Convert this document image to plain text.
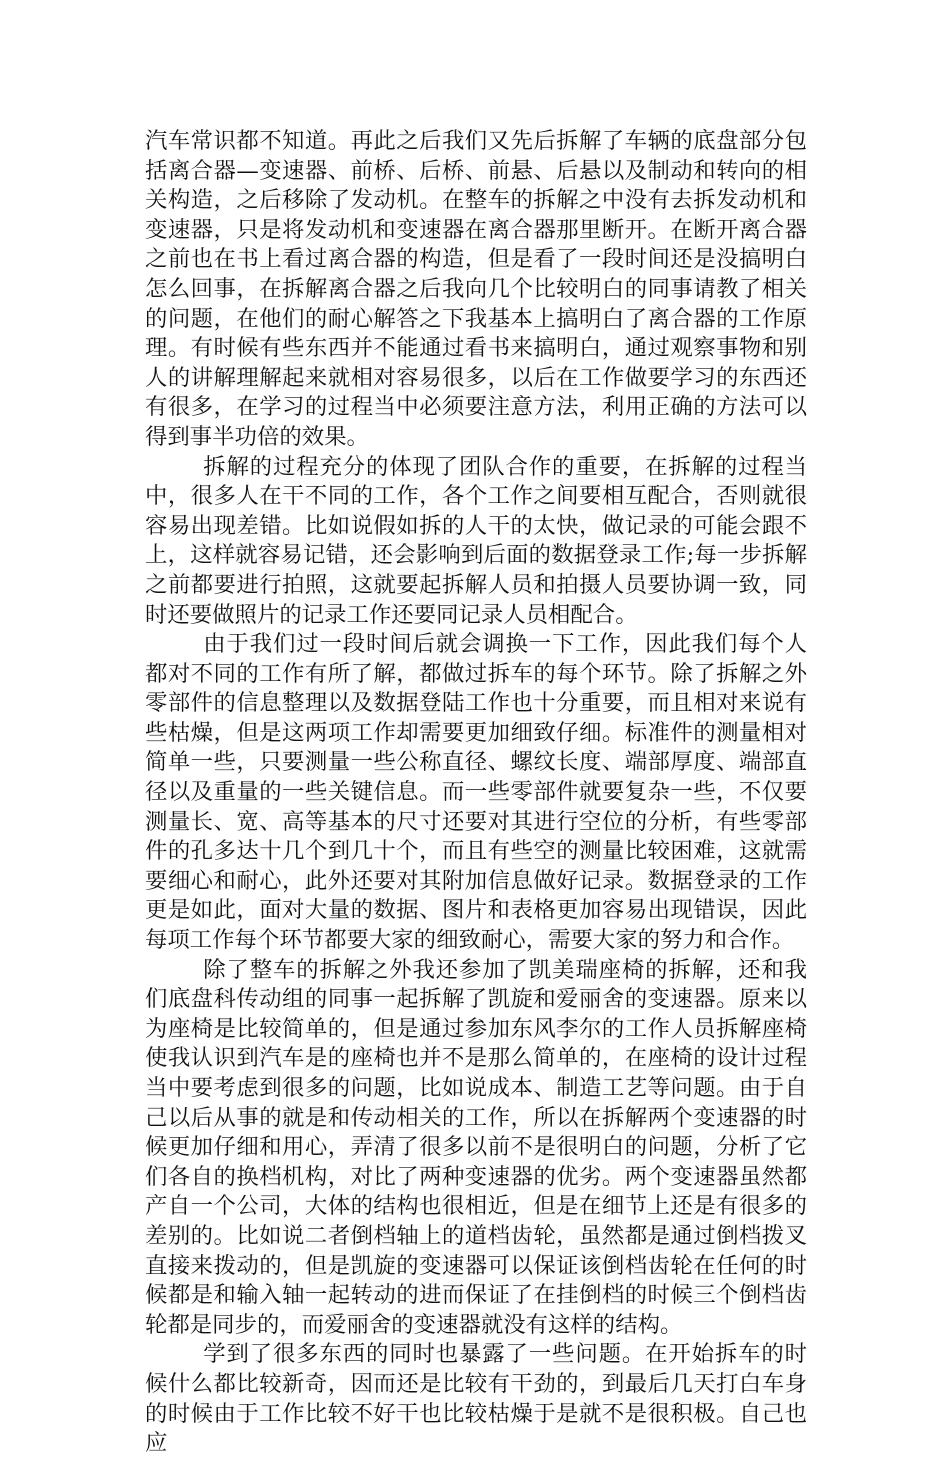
汽车常识都不知道。再此之后我们又先后拆解了车辆的底盘部分包括离合器—变速器、前桥、后桥、前悬、后悬以及制动和转向的相关构造，之后移除了发动机。在整车的拆解之中没有去拆发动机和变速器，只是将发动机和变速器在离合器那里断开。在断开离合器之前也在书上看过离合器的构造，但是看了一段时间还是没搞明白怎么回事，在拆解离合器之后我向几个比较明白的同事请教了相关的问题，在他们的耐心解答之下我基本上搞明白了离合器的工作原理。有时候有些东西并不能通过看书来搞明白，通过观察事物和别人的讲解理解起来就相对容易很多，以后在工作做要学习的东西还有很多，在学习的过程当中必须要注意方法，利用正确的方法可以得到事半功倍的效果。

拆解的过程充分的体现了团队合作的重要，在拆解的过程当中，很多人在干不同的工作，各个工作之间要相互配合，否则就很容易出现差错。比如说假如拆的人干的太快，做记录的可能会跟不上，这样就容易记错，还会影响到后面的数据登录工作;每一步拆解之前都要进行拍照，这就要起拆解人员和拍摄人员要协调一致，同时还要做照片的记录工作还要同记录人员相配合。

由于我们过一段时间后就会调换一下工作，因此我们每个人都对不同的工作有所了解，都做过拆车的每个环节。除了拆解之外零部件的信息整理以及数据登陆工作也十分重要，而且相对来说有些枯燥，但是这两项工作却需要更加细致仔细。标准件的测量相对简单一些，只要测量一些公称直径、螺纹长度、端部厚度、端部直径以及重量的一些关键信息。而一些零部件就要复杂一些，不仅要测量长、宽、高等基本的尺寸还要对其进行空位的分析，有些零部件的孔多达十几个到几十个，而且有些空的测量比较困难，这就需要细心和耐心，此外还要对其附加信息做好记录。数据登录的工作更是如此，面对大量的数据、图片和表格更加容易出现错误，因此每项工作每个环节都要大家的细致耐心，需要大家的努力和合作。

除了整车的拆解之外我还参加了凯美瑞座椅的拆解，还和我们底盘科传动组的同事一起拆解了凯旋和爱丽舍的变速器。原来以为座椅是比较简单的，但是通过参加东风李尔的工作人员拆解座椅使我认识到汽车是的座椅也并不是那么简单的，在座椅的设计过程当中要考虑到很多的问题，比如说成本、制造工艺等问题。由于自己以后从事的就是和传动相关的工作，所以在拆解两个变速器的时候更加仔细和用心，弄清了很多以前不是很明白的问题，分析了它们各自的换档机构，对比了两种变速器的优劣。两个变速器虽然都产自一个公司，大体的结构也很相近，但是在细节上还是有很多的差别的。比如说二者倒档轴上的道档齿轮，虽然都是通过倒档拨叉直接来拨动的，但是凯旋的变速器可以保证该倒档齿轮在任何的时候都是和输入轴一起转动的进而保证了在挂倒档的时候三个倒档齿轮都是同步的，而爱丽舍的变速器就没有这样的结构。

学到了很多东西的同时也暴露了一些问题。在开始拆车的时候什么都比较新奇，因而还是比较有干劲的，到最后几天打白车身的时候由于工作比较不好干也比较枯燥于是就不是很积极。自己也应
